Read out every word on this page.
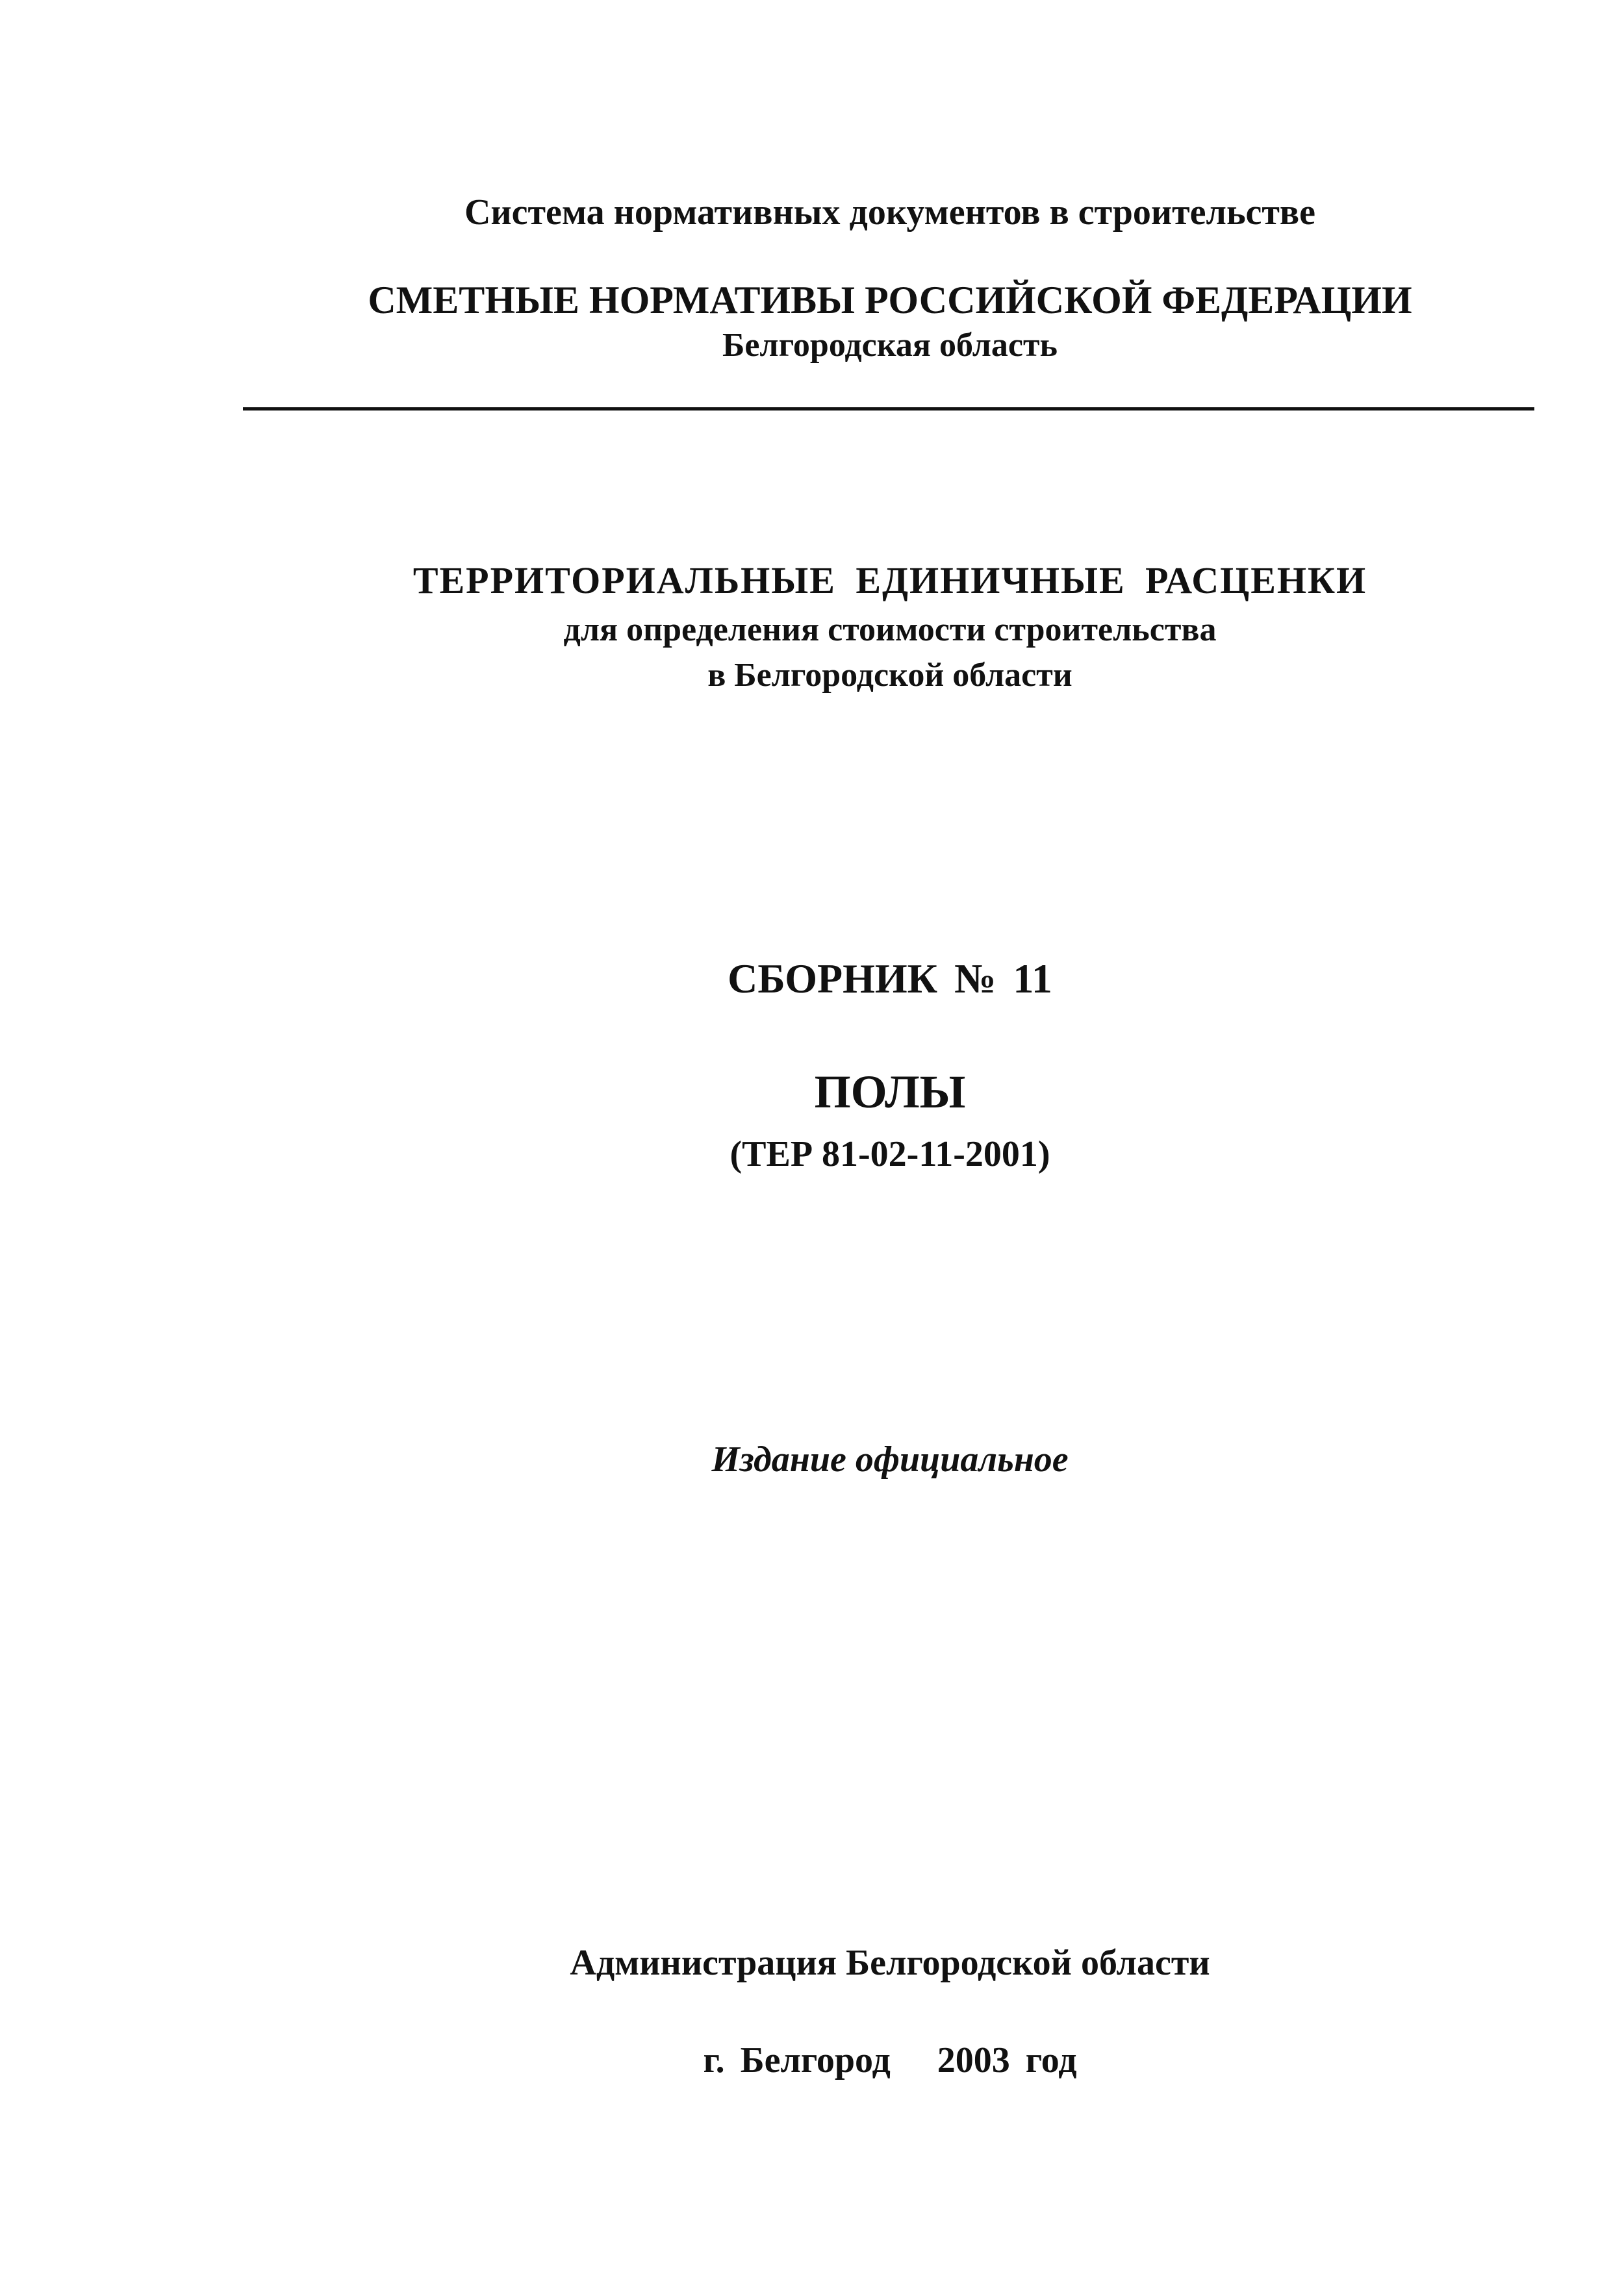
Система нормативных документов в строительстве
СМЕТНЫЕ НОРМАТИВЫ РОССИЙСКОЙ ФЕДЕРАЦИИ
Белгородская область
ТЕРРИТОРИАЛЬНЫЕ ЕДИНИЧНЫЕ РАСЦЕНКИ
для определения стоимости строительства
в Белгородской области
СБОРНИК № 11
ПОЛЫ
(ТЕР 81-02-11-2001)
Издание официальное
Администрация Белгородской области
г. Белгород   2003 год
